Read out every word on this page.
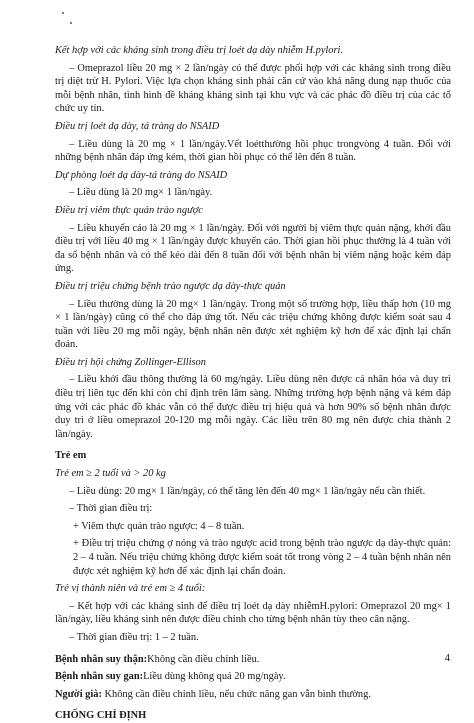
Kết hợp với các kháng sinh trong điều trị loét dạ dày nhiễm H.pylori.

– Omeprazol liều 20 mg × 2 lần/ngày có thể được phối hợp với các kháng sinh trong điều trị diệt trừ H. Pylori. Việc lựa chọn kháng sinh phải căn cứ vào khả năng dung nạp thuốc của mỗi bệnh nhân, tình hình đề kháng kháng sinh tại khu vực và các phác đồ điều trị của các tổ chức uy tín.

Điều trị loét dạ dày, tá tràng do NSAID

– Liều dùng là 20 mg × 1 lần/ngày.Vết loétthường hồi phục trongvòng 4 tuần. Đối với những bệnh nhân đáp ứng kém, thời gian hồi phục có thể lên đến 8 tuần.

Dự phòng loét dạ dày-tá tràng do NSAID

– Liều dùng là 20 mg× 1 lần/ngày.

Điều trị viêm thực quản trào ngược

– Liều khuyến cáo là 20 mg × 1 lần/ngày. Đối với người bị viêm thực quản nặng, khởi đầu điều trị với liều 40 mg × 1 lần/ngày được khuyến cáo. Thời gian hồi phục thường là 4 tuần với đa số bệnh nhân và có thể kéo dài đến 8 tuần đối với bệnh nhân bị viêm nặng hoặc kém đáp ứng.

Điều trị triệu chứng bệnh trào ngược dạ dày-thực quản

– Liều thường dùng là 20 mg× 1 lần/ngày. Trong một số trường hợp, liều thấp hơn (10 mg × 1 lần/ngày) cũng có thể cho đáp ứng tốt. Nếu các triệu chứng không được kiểm soát sau 4 tuần với liều 20 mg mỗi ngày, bệnh nhân nên được xét nghiệm kỹ hơn để xác định lại chẩn đoán.

Điều trị hội chứng Zollinger-Ellison

– Liều khởi đầu thông thường là 60 mg/ngày. Liều dùng nên được cá nhân hóa và duy trì điều trị liên tục đến khi còn chỉ định trên lâm sàng. Những trường hợp bệnh nặng và kém đáp ứng với các phác đồ khác vẫn có thể được điều trị hiệu quả và hơn 90% số bệnh nhân được duy trì ở liều omeprazol 20-120 mg mỗi ngày. Các liều trên 80 mg nên được chia thành 2 lần/ngày.

Trẻ em

Trẻ em ≥ 2 tuổi và > 20 kg

– Liều dùng: 20 mg× 1 lần/ngày, có thể tăng lên đến 40 mg× 1 lần/ngày nếu cần thiết.

– Thời gian điều trị:

+ Viêm thực quản trào ngược: 4 – 8 tuần.

+ Điều trị triệu chứng ợ nóng và trào ngược acid trong bệnh trào ngược dạ dày-thực quản: 2 – 4 tuần. Nếu triệu chứng không được kiểm soát tốt trong vòng 2 – 4 tuần bệnh nhân nên được xét nghiệm kỹ hơn để xác định lại chẩn đoán.

Trẻ vị thành niên và trẻ em ≥ 4 tuổi:

– Kết hợp với các kháng sinh để điều trị loét dạ dày nhiễmH.pylori: Omeprazol 20 mg× 1 lần/ngày, liều kháng sinh nên được điều chỉnh cho từng bệnh nhân tùy theo cân nặng.

– Thời gian điều trị: 1 – 2 tuần.

Bệnh nhân suy thận:Không cần điều chỉnh liều.

Bệnh nhân suy gan:Liều dùng không quá 20 mg/ngày.

Người già: Không cần điều chỉnh liều, nếu chức năng gan vẫn bình thường.

CHỐNG CHỈ ĐỊNH

4
